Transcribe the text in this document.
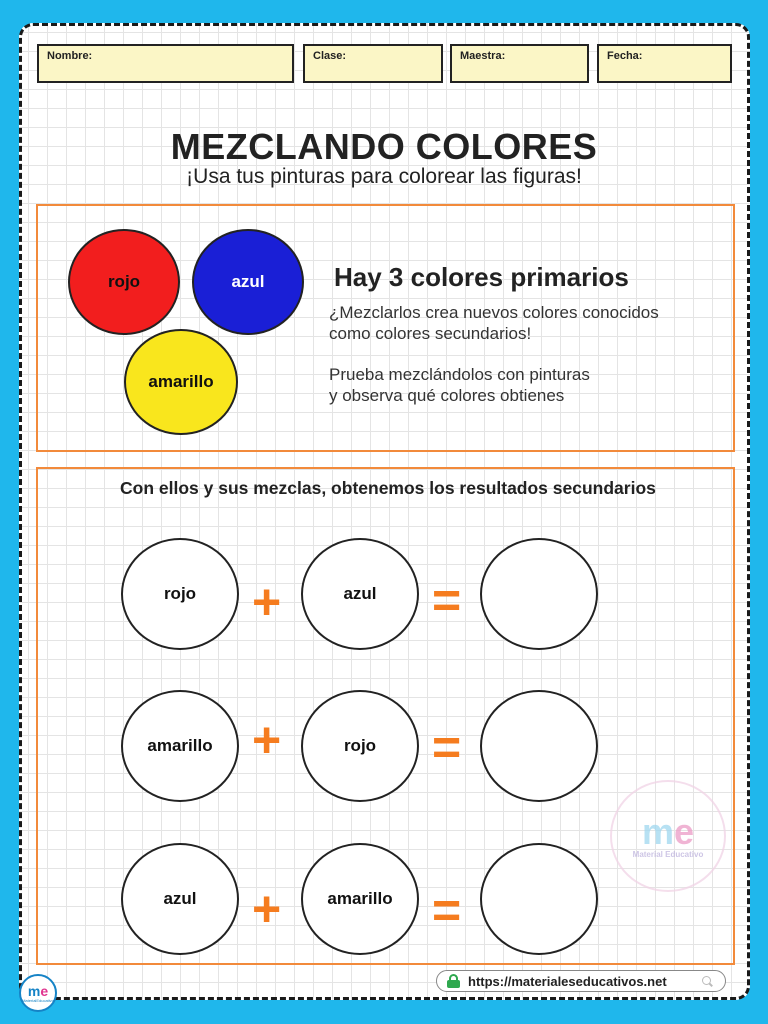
Nombre:	Clase:	Maestra:	Fecha:
MEZCLANDO COLORES
¡Usa tus pinturas para colorear las figuras!
rojo	azul
amarillo
Hay 3 colores primarios
¿Mezclarlos crea nuevos colores conocidos
como colores secundarios!
Prueba mezclándolos con pinturas
y observa qué colores obtienes
Con ellos y sus mezclas, obtenemos los resultados secundarios
rojo +	azul =
amarillo +	rojo =
azul +	amarillo =
me
Material Educativo
me
MaterialEducativo
https://materialeseducativos.net
